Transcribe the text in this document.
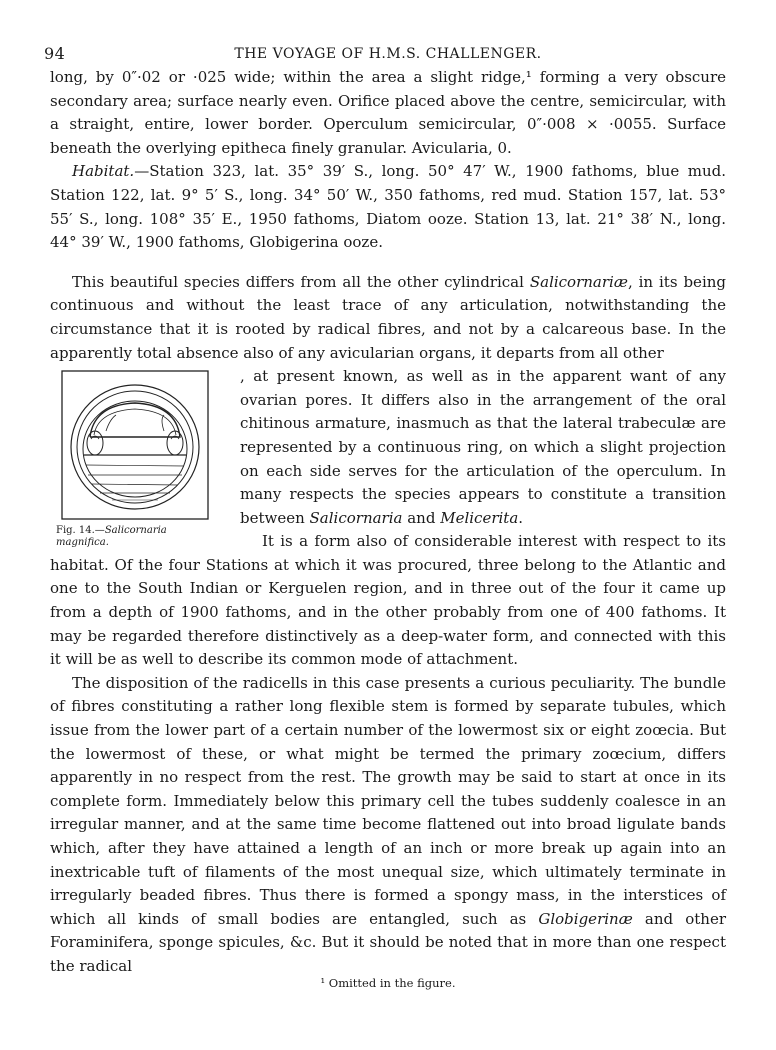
94	THE VOYAGE OF H.M.S. CHALLENGER.

long, by 0″·02 or ·025 wide; within the area a slight ridge,¹ forming a very obscure secondary area; surface nearly even. Orifice placed above the centre, semicircular, with a straight, entire, lower border. Operculum semicircular, 0″·008 × ·0055. Surface beneath the overlying epitheca finely granular. Avicularia, 0.

Habitat.—Station 323, lat. 35° 39′ S., long. 50° 47′ W., 1900 fathoms, blue mud. Station 122, lat. 9° 5′ S., long. 34° 50′ W., 350 fathoms, red mud. Station 157, lat. 53° 55′ S., long. 108° 35′ E., 1950 fathoms, Diatom ooze. Station 13, lat. 21° 38′ N., long. 44° 39′ W., 1900 fathoms, Globigerina ooze.

This beautiful species differs from all the other cylindrical Salicornariæ, in its being continuous and without the least trace of any articulation, notwithstanding the circumstance that it is rooted by radical fibres, and not by a calcareous base. In the apparently total absence also of any avicularian organs, it departs from all other

Fig. 14.—Salicornaria magnifica.

, at present known, as well as in the apparent want of any ovarian pores. It differs also in the arrangement of the oral chitinous armature, inasmuch as that the lateral trabeculæ are represented by a continuous ring, on which a slight projection on each side serves for the articulation of the operculum. In many respects the species appears to constitute a transition between Salicornaria and Melicerita.

It is a form also of considerable interest with respect to its habitat. Of the four Stations at which it was procured, three belong to the Atlantic and one to the South Indian or Kerguelen region, and in three out of the four it came up from a depth of 1900 fathoms, and in the other probably from one of 400 fathoms. It may be regarded therefore distinctively as a deep-water form, and connected with this it will be as well to describe its common mode of attachment.

The disposition of the radicells in this case presents a curious peculiarity. The bundle of fibres constituting a rather long flexible stem is formed by separate tubules, which issue from the lower part of a certain number of the lowermost six or eight zoœcia. But the lowermost of these, or what might be termed the primary zoœcium, differs apparently in no respect from the rest. The growth may be said to start at once in its complete form. Immediately below this primary cell the tubes suddenly coalesce in an irregular manner, and at the same time become flattened out into broad ligulate bands which, after they have attained a length of an inch or more break up again into an inextricable tuft of filaments of the most unequal size, which ultimately terminate in irregularly beaded fibres. Thus there is formed a spongy mass, in the interstices of which all kinds of small bodies are entangled, such as Globigerinæ and other Foraminifera, sponge spicules, &c. But it should be noted that in more than one respect the radical

¹ Omitted in the figure.
